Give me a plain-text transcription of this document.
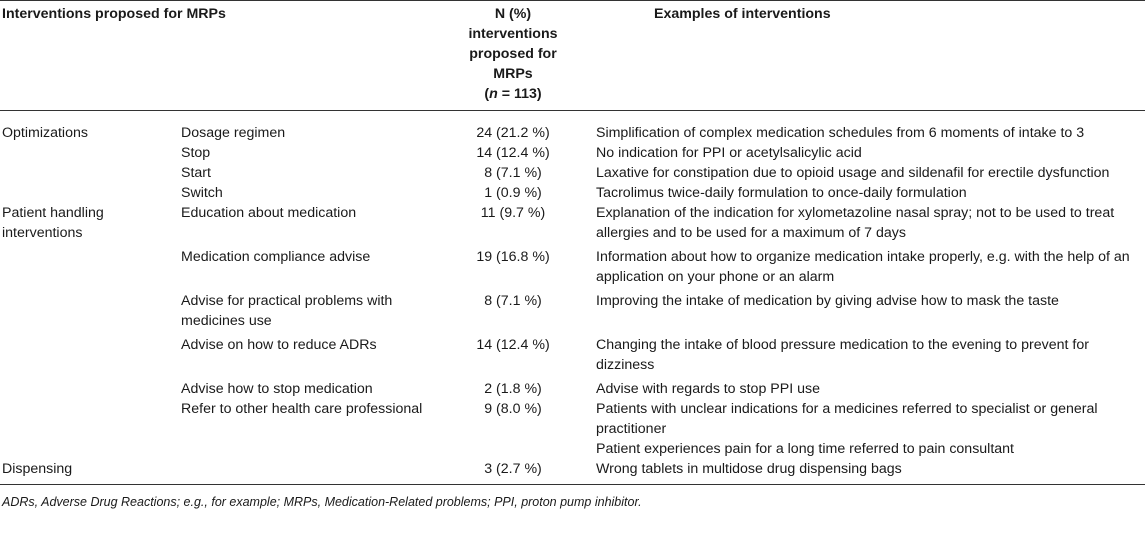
Interventions proposed for MRPs		N (%)
interventions
proposed for
MRPs
(n = 113)	Examples of interventions
Optimizations	Dosage regimen	24 (21.2 %)	Simplification of complex medication schedules from 6 moments of intake to 3
	Stop	14 (12.4 %)	No indication for PPI or acetylsalicylic acid
	Start	8 (7.1 %)	Laxative for constipation due to opioid usage and sildenafil for erectile dysfunction
	Switch	1 (0.9 %)	Tacrolimus twice-daily formulation to once-daily formulation
Patient handling interventions	Education about medication	11 (9.7 %)	Explanation of the indication for xylometazoline nasal spray; not to be used to treat allergies and to be used for a maximum of 7 days
	Medication compliance advise	19 (16.8 %)	Information about how to organize medication intake properly, e.g. with the help of an application on your phone or an alarm
	Advise for practical problems with medicines use	8 (7.1 %)	Improving the intake of medication by giving advise how to mask the taste
	Advise on how to reduce ADRs	14 (12.4 %)	Changing the intake of blood pressure medication to the evening to prevent for dizziness
	Advise how to stop medication	2 (1.8 %)	Advise with regards to stop PPI use
	Refer to other health care professional	9 (8.0 %)	Patients with unclear indications for a medicines referred to specialist or general practitioner
			Patient experiences pain for a long time referred to pain consultant
Dispensing		3 (2.7 %)	Wrong tablets in multidose drug dispensing bags
ADRs, Adverse Drug Reactions; e.g., for example; MRPs, Medication-Related problems; PPI, proton pump inhibitor.
